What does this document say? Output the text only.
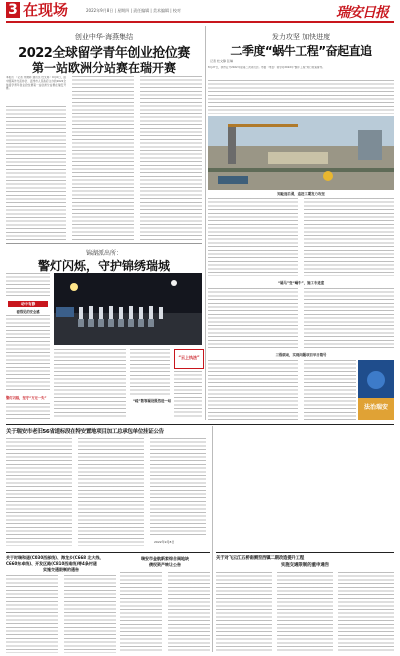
3 在现场	2022年9月8日 | 星期四 | 责任编辑 | 美术编辑 | 校对	瑞安日报
创业中华·海燕集结
2022全球留学青年创业抢位赛
第一站欧洲分站赛在瑞开赛
本报讯 （记者 朱晓彬 通讯员 杜文婷）9月6日，由中国海外交流协会、温州市人民政府主办的2022全球留学青年创业抢位赛第一站欧洲分站赛在瑞安开赛。
发力攻坚 加快进度
二季度“蜗牛工程”奋起直追
记者 杜文静 张琳
8月27日，我市召开2022年度第二次动员会。市委（市县）领导对2022年“蜗牛工程”进行检查督导。
知耻而后勇，追赶工期发力攻坚
“疑马”变“蜗牛”，施工专进度
三级联动，实现问题项目早日销号
法治瑞安
锦湖派出所：
警灯闪烁，守护锦绣瑞城
动中有静
看得见的安全感
“云上执法”
“疏”散等疑设既然进一站
警灯闪烁，坚守“万无一失”
关于瑞安市老旧56省道标段在特安置地项目加工总承包单位挂证公告
2022年9月8日
关于时瑞和道(C030西部线)、海龙乡(C668 北大线、
C660东卓线)、开发区路(C810西南线)等4条村道
实施交通限制的通告
瑞安市金航新家综合阀地块
债权资产转让公告
关于对飞云江五桥南侧至西镇二期改造提升工程
实施交通限制的重申通告
